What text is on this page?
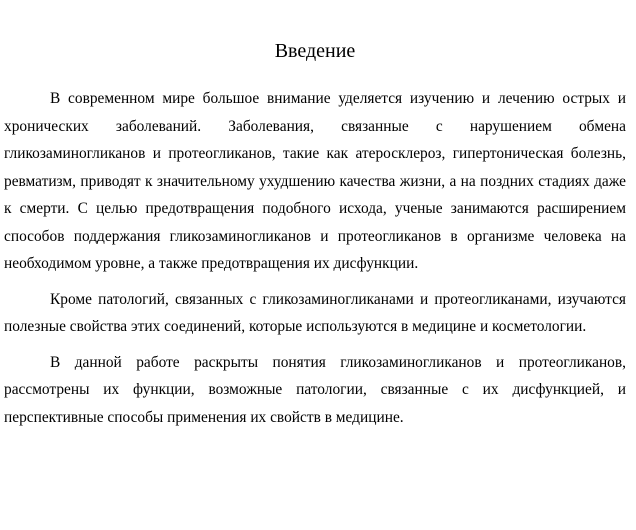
Введение

В современном мире большое внимание уделяется изучению и лечению острых и хронических заболеваний. Заболевания, связанные с нарушением обмена гликозаминогликанов и протеогликанов, такие как атеросклероз, гипертоническая болезнь, ревматизм, приводят к значительному ухудшению качества жизни, а на поздних стадиях даже к смерти. С целью предотвращения подобного исхода, ученые занимаются расширением способов поддержания гликозаминогликанов и протеогликанов в организме человека на необходимом уровне, а также предотвращения их дисфункции.

Кроме патологий, связанных с гликозаминогликанами и протеогликанами, изучаются полезные свойства этих соединений, которые используются в медицине и косметологии.

В данной работе раскрыты понятия гликозаминогликанов и протеогликанов, рассмотрены их функции, возможные патологии, связанные с их дисфункцией, и перспективные способы применения их свойств в медицине.
